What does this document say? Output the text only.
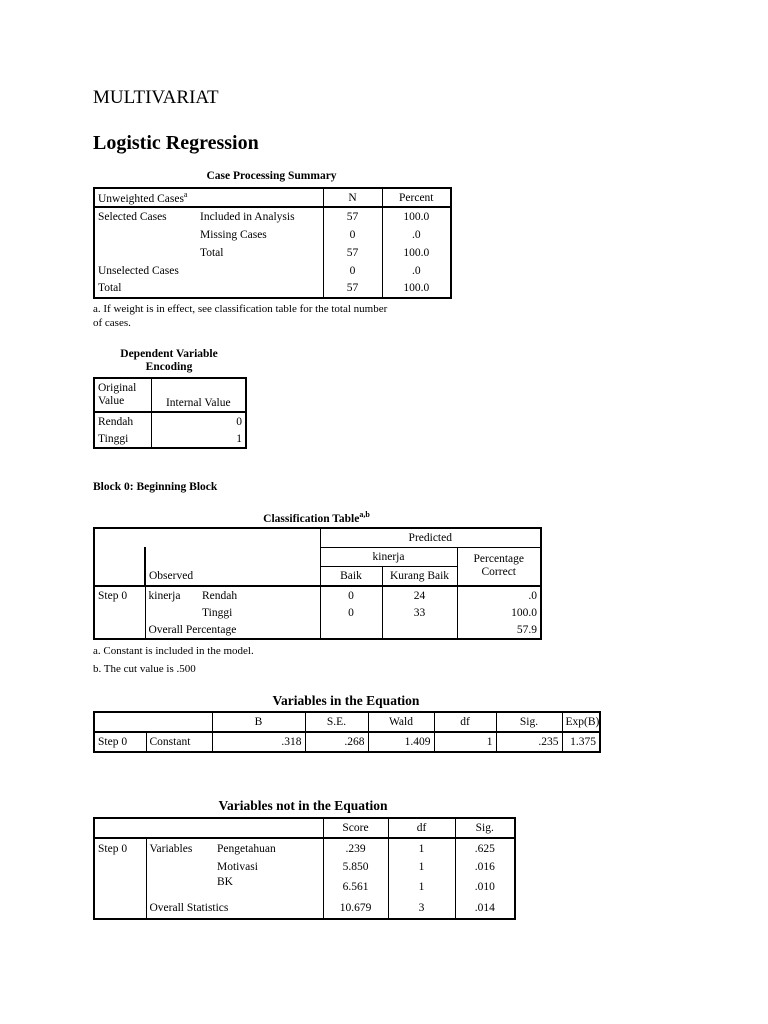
MULTIVARIAT
Logistic Regression
Case Processing Summary
Unweighted Cases$^a$		N	Percent
Selected Cases	Included in Analysis	57	100.0
	Missing Cases	0	.0
	Total	57	100.0
Unselected Cases		0	.0
Total		57	100.0
a. If weight is in effect, see classification table for the total number
of cases.
Dependent Variable
Encoding
Original
Value	Internal Value
Rendah	0
Tinggi	1
Block 0: Beginning Block
Classification Table$^{a,b}$
			Predicted		
			kinerja		Percentage
Correct

	Observed		Baik	Kurang Baik	
Step 0	kinerja	Rendah	0	24	.0
		Tinggi	0	33	100.0
	Overall Percentage				57.9
a. Constant is included in the model.
b. The cut value is .500
Variables in the Equation
		B	S.E.	Wald	df	Sig.	Exp(B)
Step 0	Constant	.318	.268	1.409	1	.235	1.375
Variables not in the Equation
			Score	df	Sig.
Step 0	Variables	Pengetahuan	.239	1	.625
		Motivasi	5.850	1	.016
		BK	6.561	1	.010
	Overall Statistics		10.679	3	.014
